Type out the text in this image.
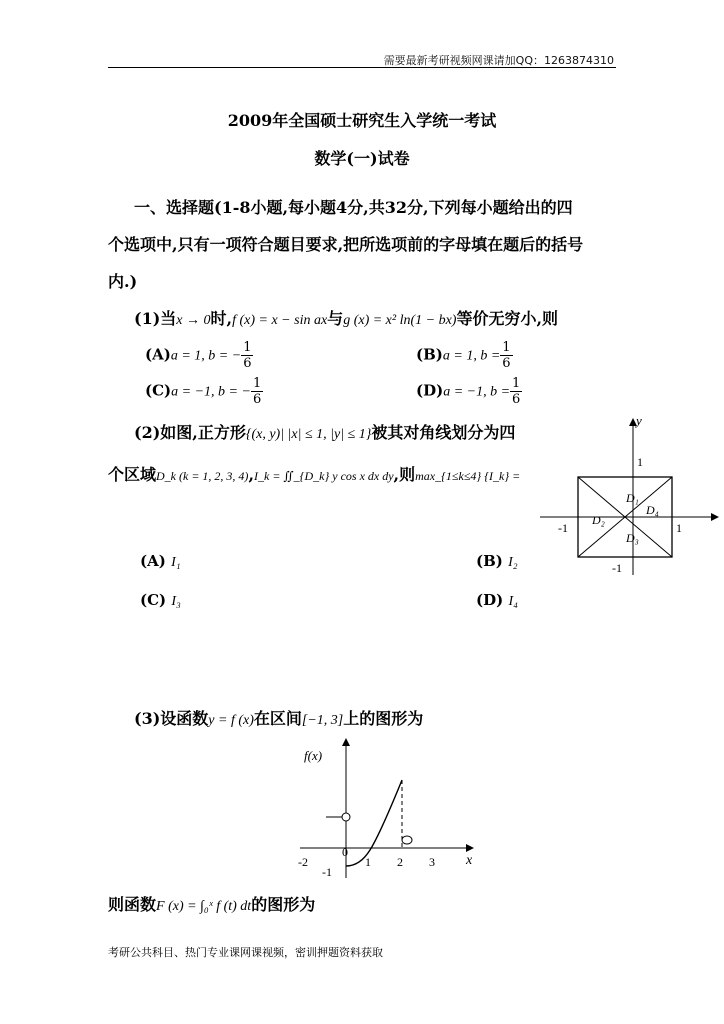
需要最新考研视频网课请加QQ：1263874310
2009年全国硕士研究生入学统一考试
数学(一)试卷
一、选择题(1-8小题,每小题4分,共32分,下列每小题给出的四
个选项中,只有一项符合题目要求,把所选项前的字母填在题后的括号
内.)
(1)当x → 0时,f (x) = x − sin ax与g (x) = x² ln(1 − bx)等价无穷小,则
(A)a = 1, b = − $\frac{1}{6}$	(B)a = 1, $b = \frac{1}{6}$
(C)a = −1, b = − $\frac{1}{6}$	(D)a = −1, $b = \frac{1}{6}$
(2)如图,正方形{(x, y)| |x| ≤ 1, |y| ≤ 1}被其对角线划分为四
个区域D_k (k = 1, 2, 3, 4),I_k = ∬_{D_k} y cos x dx dy,则max_{1≤k≤4} {I_k} =
(A) I₁	(B) I₂
(C) I₃	(D) I₄
y
1
-1	1
-1
D₁
D₂
D₃
D₄
(3)设函数y = f (x)在区间[−1, 3]上的图形为
f(x)
x
0
-2	1 2 3
-1
则函数F (x) = ∫₀ˣ f (t) dt的图形为
考研公共科目、热门专业课网课视频，密训押题资料获取
